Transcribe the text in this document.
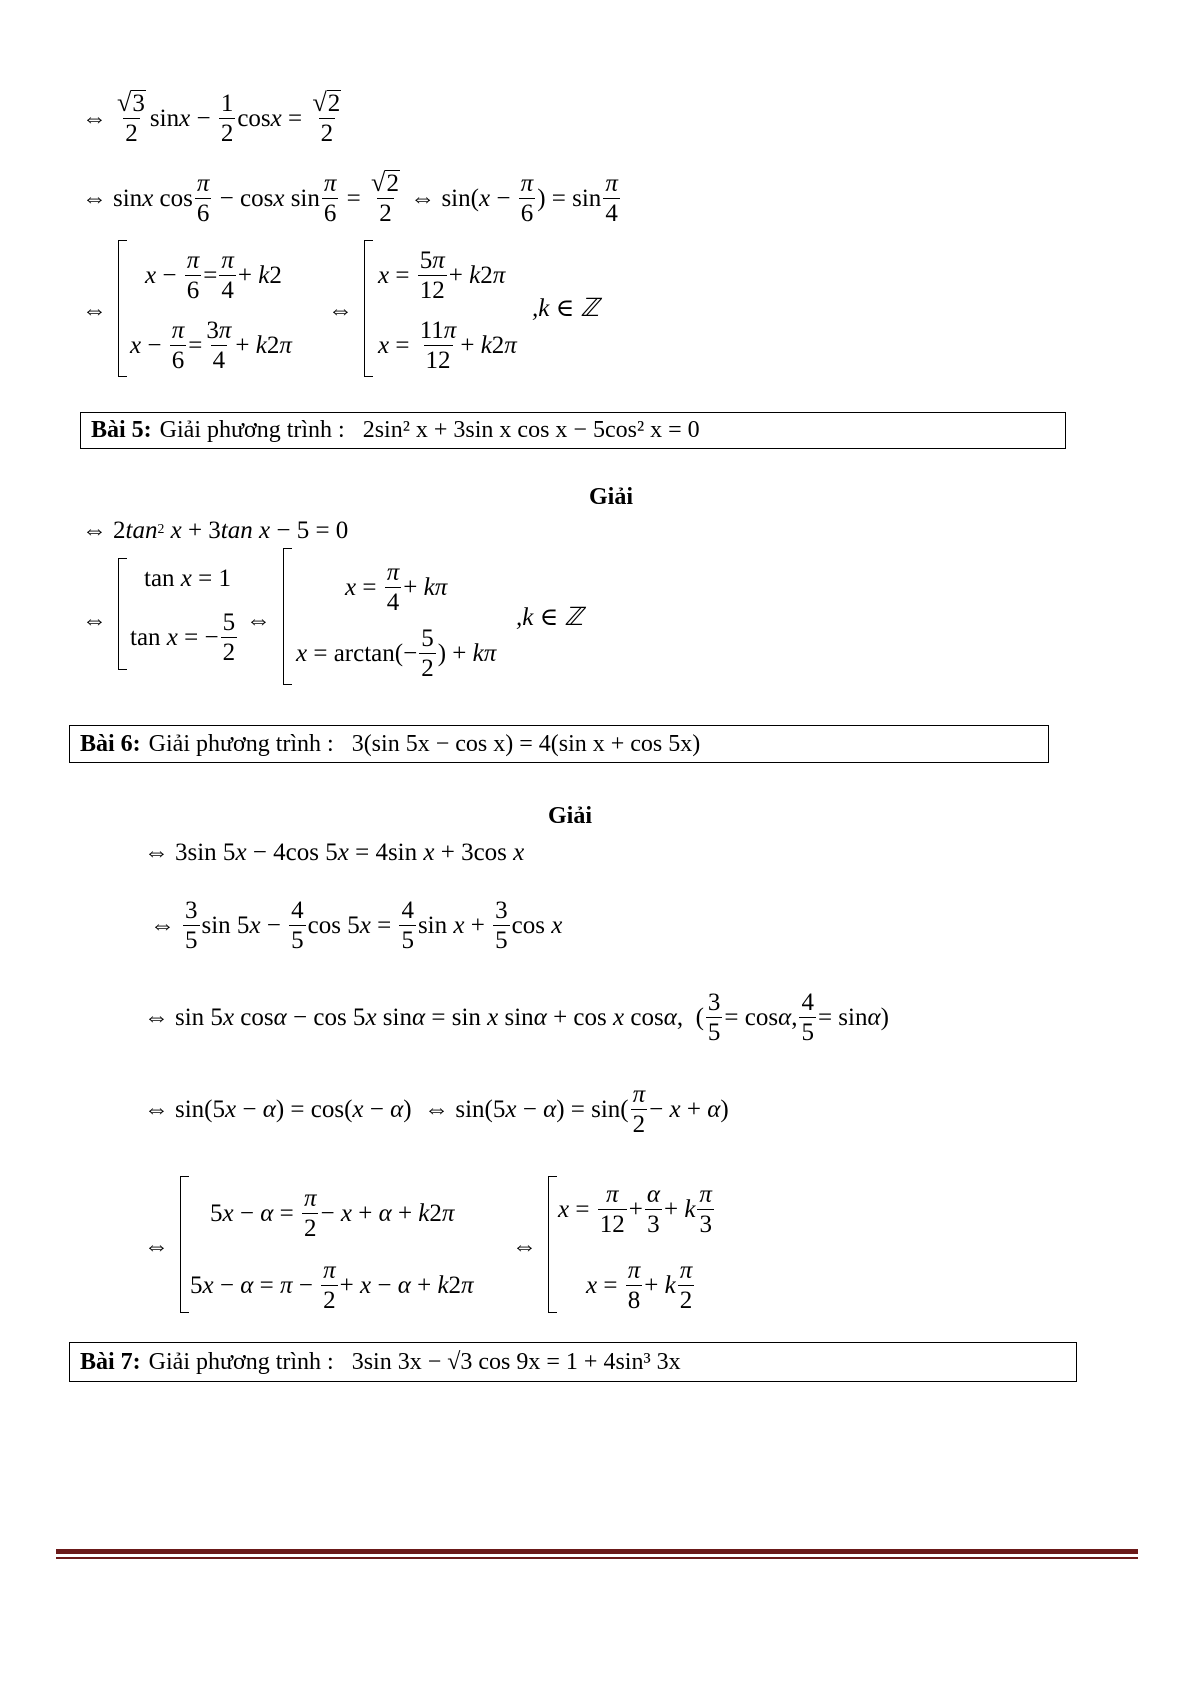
⇔ $\frac{√ 3}{2}$ $\sin x - \frac{1}{2}$ $\cos x = \frac{√ 2}{2}$
⇔ sin x $\cos \frac{\pi}{6} - \cos x$ $\sin \frac{\pi}{6} = \frac{√ 2}{2}$
⇔ sin( $x - \frac{\pi}{6}$ ) = $\sin \frac{\pi}{4}$
⇔
$x - \frac{\pi}{6} = \frac{\pi}{4} + k$ 2
$x - \frac{\pi}{6} = \frac{3\pi}{4} + k$ 2 π
⇔
$x = \frac{5\pi}{12} + k$ 2 π
$x = \frac{11\pi}{12} + k$ 2 π
,k ∈ ℤ
Bài 5: Giải phương trình : 2sin² x + 3sin x cos x − 5cos² x = 0
Giải
⇔ 2 tan 2
x + 3 tan
x − 5 = 0
⇔
tan x = 1
tan x = − $\frac{5}{2}$ ⇔
$x = \frac{\pi}{4} + k$ π
$x = \arctan(- \frac{5}{2}$ ) + k π
,k ∈ ℤ
Bài 6: Giải phương trình : 3(sin 5x − cos x) = 4(sin x + cos 5x)
Giải
⇔ 3sin 5 x − 4cos 5 x = 4sin x + 3cos x
⇔ $\frac{3}{5}$ sin 5 $x - \frac{4}{5}$ cos 5 $x = \frac{4}{5}$ $\sin x + \frac{3}{5}$ cos x
⇔ sin 5 x cos α − cos 5 x sin α = sin x sin α + cos x cos α ,  ( $\frac{3}{5} = \cos \alpha$ , $\frac{4}{5} = \sin \alpha$ )
⇔ sin(5 x − α ) = cos( x − α ) ⇔ sin(5 x − α ) = $\sin( \frac{\pi}{2} - x + \alpha$ )
⇔
5 $x - \alpha = \frac{\pi}{2} - x + \alpha + k$ 2 π
5 $x - \alpha = \pi - \frac{\pi}{2} + x - \alpha + k$ 2 π
⇔
$x = \frac{\pi}{12} + \frac{\alpha}{3} + k \frac{\pi}{3}$
$x = \frac{\pi}{8} + k \frac{\pi}{2}$
Bài 7: Giải phương trình : 3sin 3x − √3 cos 9x = 1 + 4sin³ 3x
